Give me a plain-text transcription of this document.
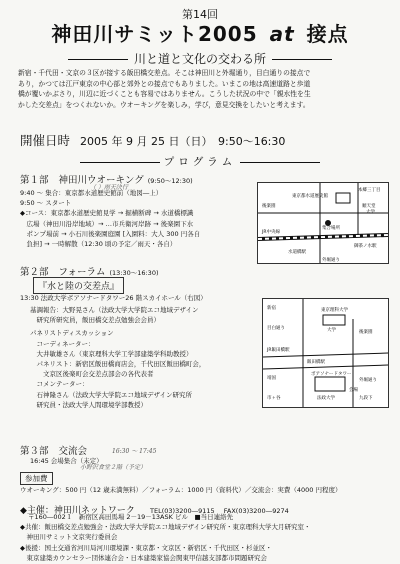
第14回
神田川サミット2005 at 接点
川と道と文化の交わる所
新宿・千代田・文京の３区が接する飯田橋交差点。そこは神田川と外堀通り，目白通りの接点で
あり，かつては江戸東京の中心部と郊外との接点でもありました。いまこの地は高速道路と歩道
橋が覆いかぶさり，川辺に近づくことも容易ではありません。こうした状況の中で「親水性を生
かした交差点」をつくれないか。ウオーキングを楽しみ，学び，意見交換をしたいと考えます。
開催日時 2005 年 9 月 25 日（日）　9:50～16:30
プログラム
第１部 神田川ウオーキング (9:50～12:30)
9:40 ～ 集合：東京都水道歴史館前（地図―上）
9:50 ～ スタート
◆コース：東京都水道歴史館見学 → 掘横断碑 → 水道橋標識
　広場（神田川沿岸地域）→ …市兵衛河岸跡 → 後楽園下水
　ポンプ場前 → 小石川後楽園庭園 [入園料：大人 300 円各自
　負担] → 一時解散（12:30 頃の予定／雨天・各自）
（ ）雨天決行	本郷三丁目
東京都水道歴史館
水道橋駅
JR中央線
御茶ノ水駅
後楽園
集合場所
外堀通り
順天堂
大学
第２部 フォーラム (13:30～16:30)
『水と陸の交差点』
13:30 法政大学ボアソナードタワー26 階スカイホール（右図）
基調報告：大野晃さん（法政大学大学院エコ地域デザイン
　研究所研究員，飯田橋交差点勉強会会員）
パネリストディスカッション
　コーディネーター：
　大井敏雄さん（東京理科大学工学部建築学科助教授）
　パネリスト：新宿区飯田橋商店会，千代田区飯田橋町会，
　　文京区後楽町会交差点部会の各代表者
　コメンテーター：
　石神隆さん（法政大学大学院エコ地域デザイン研究所
　研究員・法政大学人間環境学部教授）
東京理科大学
JR飯田橋駅
法政大学
ボアソナードタワー
外堀通り
大学
靖国
後楽園
九段下
市ヶ谷
飯田橋駅
目白通り
新宿
会場
第３部 交流会
16:45 会場集合（未定）
16:30 ～ 17:45
小野沢食堂２階（予定）
参加費
ウオーキング：500 円（12 歳未満無料）／フォーラム：1000 円（資料代）／交流会：実費（4000 円程度）
◆主催：神田川ネットワーク TEL(03)3200―9115 FAX(03)3200―9274
〒160―002１　新宿区高田馬場 2－19－13ASK ビル　■当日連絡先
◆共催：飯田橋交差点勉強会・法政大学大学院エコ地域デザイン研究所・東京理科大学大月研究室・
　神田川サミット文京実行委員会
◆後援：国土交通省河川局河川環境課・東京都・文京区・新宿区・千代田区・杉並区・
　東京建築カウンセラー団体連合会・日本建築家協会関東甲信越支部都市問題研究会
